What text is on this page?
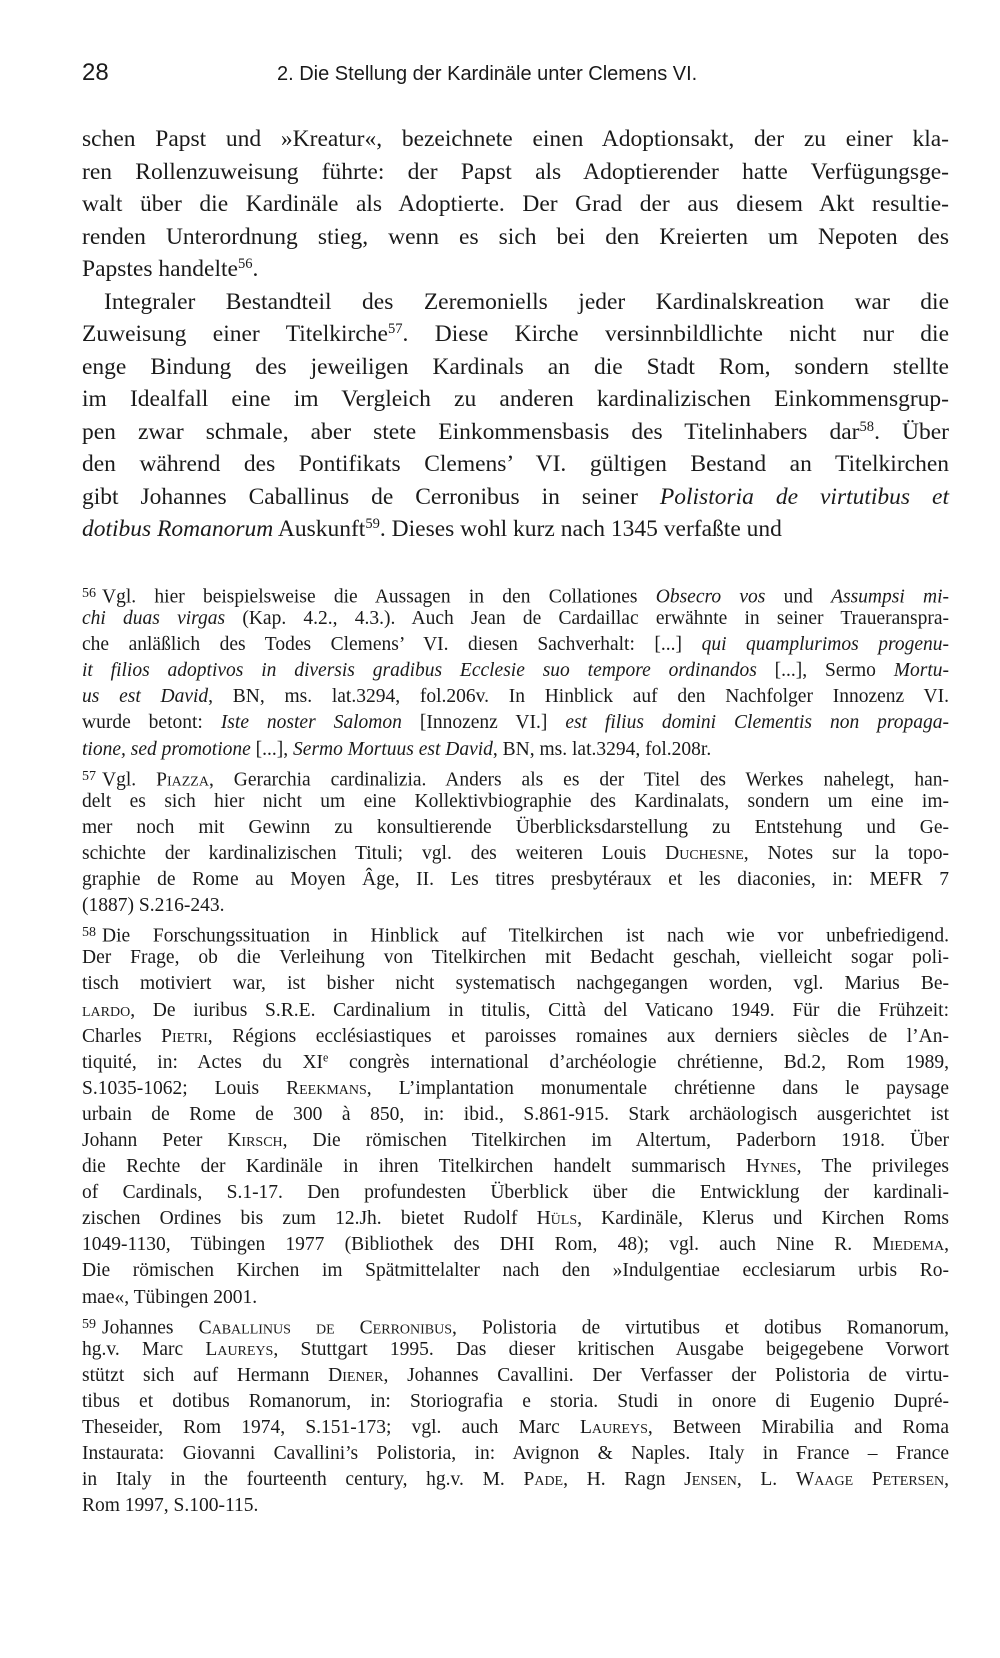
28	2. Die Stellung der Kardinäle unter Clemens VI.
schen Papst und »Kreatur«, bezeichnete einen Adoptionsakt, der zu einer kla-
ren Rollenzuweisung führte: der Papst als Adoptierender hatte Verfügungsge-
walt über die Kardinäle als Adoptierte. Der Grad der aus diesem Akt resultie-
renden Unterordnung stieg, wenn es sich bei den Kreierten um Nepoten des
Papstes handelte$^{56}$.
Integraler Bestandteil des Zeremoniells jeder Kardinalskreation war die
Zuweisung einer Titelkirche$^{57}$. Diese Kirche versinnbildlichte nicht nur die
enge Bindung des jeweiligen Kardinals an die Stadt Rom, sondern stellte
im Idealfall eine im Vergleich zu anderen kardinalizischen Einkommensgrup-
pen zwar schmale, aber stete Einkommensbasis des Titelinhabers dar$^{58}$. Über
den während des Pontifikats Clemens’ VI. gültigen Bestand an Titelkirchen
gibt Johannes Caballinus de Cerronibus in seiner Polistoria de virtutibus et
dotibus Romanorum Auskunft$^{59}$. Dieses wohl kurz nach 1345 verfaßte und
$^{56}$ Vgl. hier beispielsweise die Aussagen in den Collationes Obsecro vos und Assumpsi mi-
chi duas virgas (Kap. 4.2., 4.3.). Auch Jean de Cardaillac erwähnte in seiner Traueranspra-
che anläßlich des Todes Clemens’ VI. diesen Sachverhalt: [...] qui quamplurimos progenu-
it filios adoptivos in diversis gradibus Ecclesie suo tempore ordinandos [...], Sermo Mortu-
us est David, BN, ms. lat.3294, fol.206v. In Hinblick auf den Nachfolger Innozenz VI.
wurde betont: Iste noster Salomon [Innozenz VI.] est filius domini Clementis non propaga-
tione, sed promotione [...], Sermo Mortuus est David, BN, ms. lat.3294, fol.208r.
$^{57}$ Vgl. Piazza, Gerarchia cardinalizia. Anders als es der Titel des Werkes nahelegt, han-
delt es sich hier nicht um eine Kollektivbiographie des Kardinalats, sondern um eine im-
mer noch mit Gewinn zu konsultierende Überblicksdarstellung zu Entstehung und Ge-
schichte der kardinalizischen Tituli; vgl. des weiteren Louis Duchesne, Notes sur la topo-
graphie de Rome au Moyen Âge, II. Les titres presbytéraux et les diaconies, in: MEFR 7
(1887) S.216-243.
$^{58}$ Die Forschungssituation in Hinblick auf Titelkirchen ist nach wie vor unbefriedigend.
Der Frage, ob die Verleihung von Titelkirchen mit Bedacht geschah, vielleicht sogar poli-
tisch motiviert war, ist bisher nicht systematisch nachgegangen worden, vgl. Marius Be-
lardo, De iuribus S.R.E. Cardinalium in titulis, Città del Vaticano 1949. Für die Frühzeit:
Charles Pietri, Régions ecclésiastiques et paroisses romaines aux derniers siècles de l’An-
tiquité, in: Actes du XIe congrès international d’archéologie chrétienne, Bd.2, Rom 1989,
S.1035-1062; Louis Reekmans, L’implantation monumentale chrétienne dans le paysage
urbain de Rome de 300 à 850, in: ibid., S.861-915. Stark archäologisch ausgerichtet ist
Johann Peter Kirsch, Die römischen Titelkirchen im Altertum, Paderborn 1918. Über
die Rechte der Kardinäle in ihren Titelkirchen handelt summarisch Hynes, The privileges
of Cardinals, S.1-17. Den profundesten Überblick über die Entwicklung der kardinali-
zischen Ordines bis zum 12.Jh. bietet Rudolf Hüls, Kardinäle, Klerus und Kirchen Roms
1049-1130, Tübingen 1977 (Bibliothek des DHI Rom, 48); vgl. auch Nine R. Miedema,
Die römischen Kirchen im Spätmittelalter nach den »Indulgentiae ecclesiarum urbis Ro-
mae«, Tübingen 2001.
$^{59}$ Johannes Caballinus de Cerronibus, Polistoria de virtutibus et dotibus Romanorum,
hg.v. Marc Laureys, Stuttgart 1995. Das dieser kritischen Ausgabe beigegebene Vorwort
stützt sich auf Hermann Diener, Johannes Cavallini. Der Verfasser der Polistoria de virtu-
tibus et dotibus Romanorum, in: Storiografia e storia. Studi in onore di Eugenio Dupré-
Theseider, Rom 1974, S.151-173; vgl. auch Marc Laureys, Between Mirabilia and Roma
Instaurata: Giovanni Cavallini’s Polistoria, in: Avignon & Naples. Italy in France – France
in Italy in the fourteenth century, hg.v. M. Pade, H. Ragn Jensen, L. Waage Petersen,
Rom 1997, S.100-115.
